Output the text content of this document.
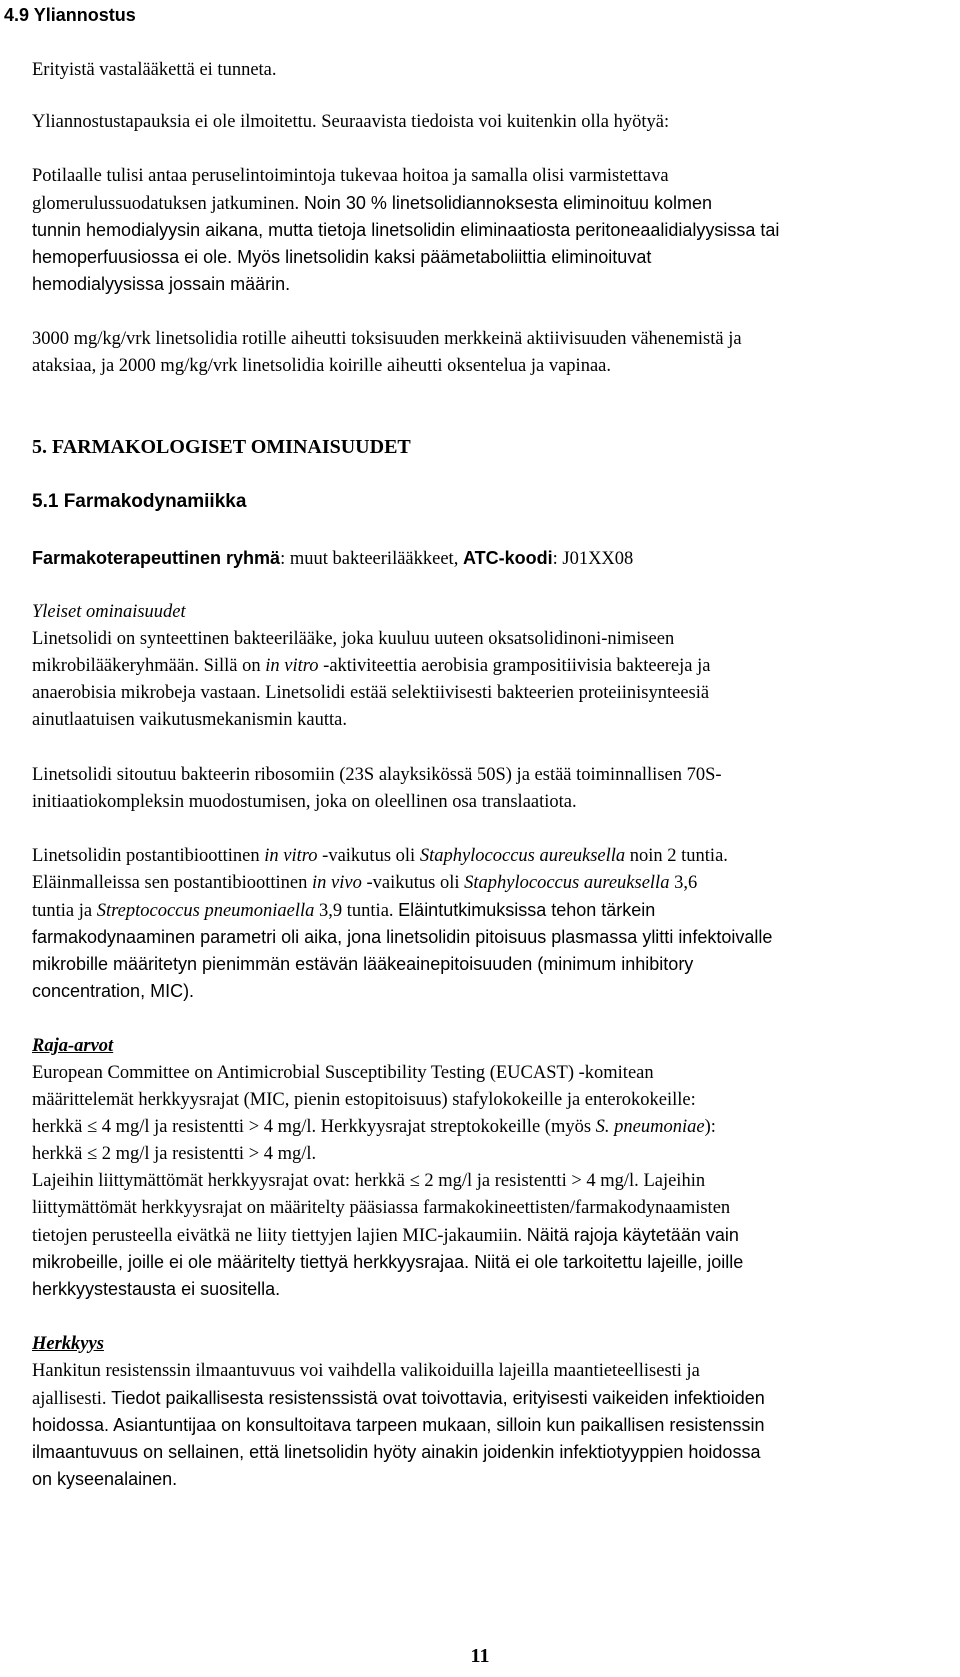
4.9 Yliannostus
Erityistä vastalääkettä ei tunneta.
Yliannostustapauksia ei ole ilmoitettu. Seuraavista tiedoista voi kuitenkin olla hyötyä:
Potilaalle tulisi antaa peruselintoimintoja tukevaa hoitoa ja samalla olisi varmistettava
glomerulussuodatuksen jatkuminen. Noin 30 % linetsolidiannoksesta eliminoituu kolmen
tunnin hemodialyysin aikana, mutta tietoja linetsolidin eliminaatiosta peritoneaalidialyysissa tai
hemoperfuusiossa ei ole. Myös linetsolidin kaksi päämetaboliittia eliminoituvat
hemodialyysissa jossain määrin.
3000 mg/kg/vrk linetsolidia rotille aiheutti toksisuuden merkkeinä aktiivisuuden vähenemistä ja
ataksiaa, ja 2000 mg/kg/vrk linetsolidia koirille aiheutti oksentelua ja vapinaa.
5. FARMAKOLOGISET OMINAISUUDET
5.1 Farmakodynamiikka
Farmakoterapeuttinen ryhmä: muut bakteerilääkkeet, ATC-koodi: J01XX08
Yleiset ominaisuudet
Linetsolidi on synteettinen bakteerilääke, joka kuuluu uuteen oksatsolidinoni-nimiseen
mikrobilääkeryhmään. Sillä on in vitro -aktiviteettia aerobisia grampositiivisia bakteereja ja
anaerobisia mikrobeja vastaan. Linetsolidi estää selektiivisesti bakteerien proteiinisynteesiä
ainutlaatuisen vaikutusmekanismin kautta.
Linetsolidi sitoutuu bakteerin ribosomiin (23S alayksikössä 50S) ja estää toiminnallisen 70S-
initiaatiokompleksin muodostumisen, joka on oleellinen osa translaatiota.
Linetsolidin postantibioottinen in vitro -vaikutus oli Staphylococcus aureuksella noin 2 tuntia.
Eläinmalleissa sen postantibioottinen in vivo -vaikutus oli Staphylococcus aureuksella 3,6
tuntia ja Streptococcus pneumoniaella 3,9 tuntia. Eläintutkimuksissa tehon tärkein
farmakodynaaminen parametri oli aika, jona linetsolidin pitoisuus plasmassa ylitti infektoivalle
mikrobille määritetyn pienimmän estävän lääkeainepitoisuuden (minimum inhibitory
concentration, MIC).
Raja-arvot
European Committee on Antimicrobial Susceptibility Testing (EUCAST) -komitean
määrittelemät herkkyysrajat (MIC, pienin estopitoisuus) stafylokokeille ja enterokokeille:
herkkä ≤ 4 mg/l ja resistentti > 4 mg/l. Herkkyysrajat streptokokeille (myös S. pneumoniae):
herkkä ≤ 2 mg/l ja resistentti > 4 mg/l.
Lajeihin liittymättömät herkkyysrajat ovat: herkkä ≤ 2 mg/l ja resistentti > 4 mg/l. Lajeihin
liittymättömät herkkyysrajat on määritelty pääsiassa farmakokineettisten/farmakodynaamisten
tietojen perusteella eivätkä ne liity tiettyjen lajien MIC-jakaumiin. Näitä rajoja käytetään vain
mikrobeille, joille ei ole määritelty tiettyä herkkyysrajaa. Niitä ei ole tarkoitettu lajeille, joille
herkkyystestausta ei suositella.
Herkkyys
Hankitun resistenssin ilmaantuvuus voi vaihdella valikoiduilla lajeilla maantieteellisesti ja
ajallisesti. Tiedot paikallisesta resistenssistä ovat toivottavia, erityisesti vaikeiden infektioiden
hoidossa. Asiantuntijaa on konsultoitava tarpeen mukaan, silloin kun paikallisen resistenssin
ilmaantuvuus on sellainen, että linetsolidin hyöty ainakin joidenkin infektiotyyppien hoidossa
on kyseenalainen.
11
